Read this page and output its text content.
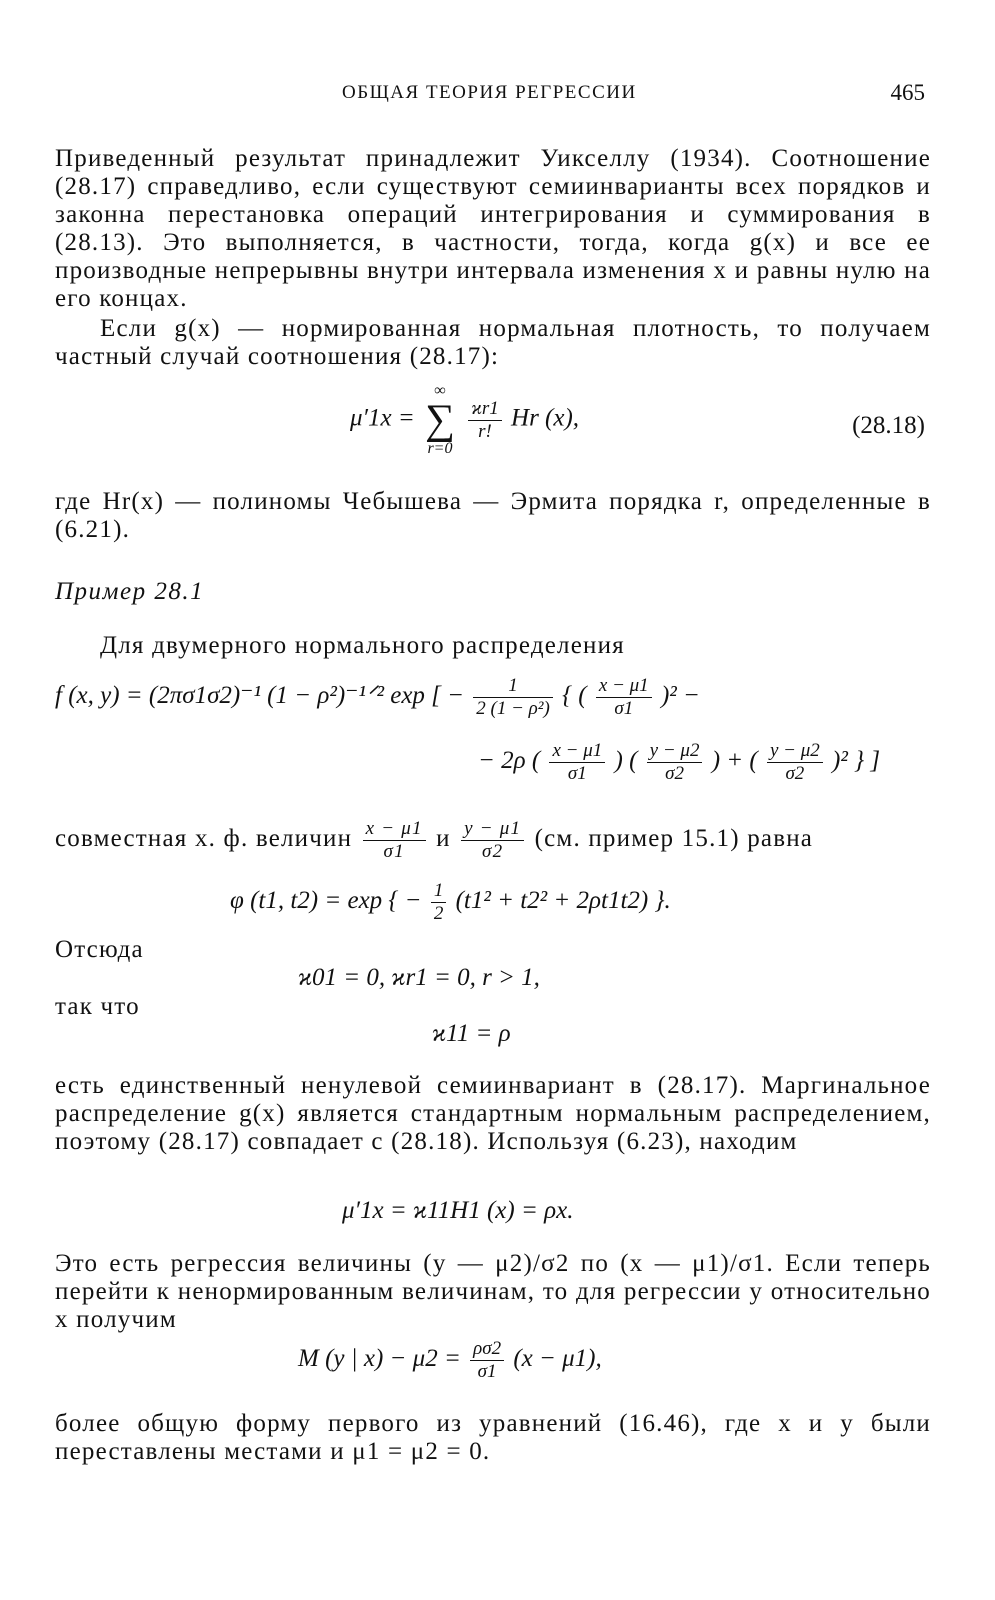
ОБЩАЯ ТЕОРИЯ РЕГРЕССИИ	465
Приведенный результат принадлежит Уикселлу (1934). Соотношение (28.17) справедливо, если существуют семиинварианты всех порядков и законна перестановка операций интегрирования и суммирования в (28.13). Это выполняется, в частности, тогда, когда g(x) и все ее производные непрерывны внутри интервала изменения x и равны нулю на его концах.
Если g(x) — нормированная нормальная плотность, то получаем частный случай соотношения (28.17):
μ′1x =
∞
∑
r=0

$\frac{ϰr1}{r!}$ Hr (x),	(28.18)
где Hr(x) — полиномы Чебышева — Эрмита порядка r, определенные в (6.21).
Пример 28.1
Для двумерного нормального распределения
f (x, y) = (2πσ1σ2)⁻¹ (1 − ρ²)⁻¹ᐟ² exp [ − $\frac{1}{\text{2 (1 − ρ²)}}$ { ( $\frac{x - \mu 1}{\sigma 1} )^2$ −
− 2ρ ( $\frac{x - \mu 1}{\sigma 1}$ ) ( $\frac{y - \mu 2}{\sigma 2}$ ) + ( $\frac{y - \mu 2}{\sigma 2} )^2$ } ]
совместная х. ф. величин $\frac{x - \mu 1}{\sigma 1}$ и $\frac{y - \mu 1}{\sigma 2} (см$. пример 15.1) равна
φ (t1, t2) = exp { − $\frac{1}{2} (t1^2 + t2^2 + 2\rho t1t2)$ }.
Отсюда
ϰ01 = 0, ϰr1 = 0, r > 1,
так что
ϰ11 = ρ
есть единственный ненулевой семиинвариант в (28.17). Маргинальное распределение g(x) является стандартным нормальным распределением, поэтому (28.17) совпадает с (28.18). Используя (6.23), находим
μ′1x = ϰ11H1 (x) = ρx.
Это есть регрессия величины (y — μ2)/σ2 по (x — μ1)/σ1. Если теперь перейти к ненормированным величинам, то для регрессии y относительно x получим
M (y | $x) - \mu 2 = \frac{\rho\sigma 2}{\sigma 1} (x - \mu 1)$,
более общую форму первого из уравнений (16.46), где x и y были переставлены местами и μ1 = μ2 = 0.
